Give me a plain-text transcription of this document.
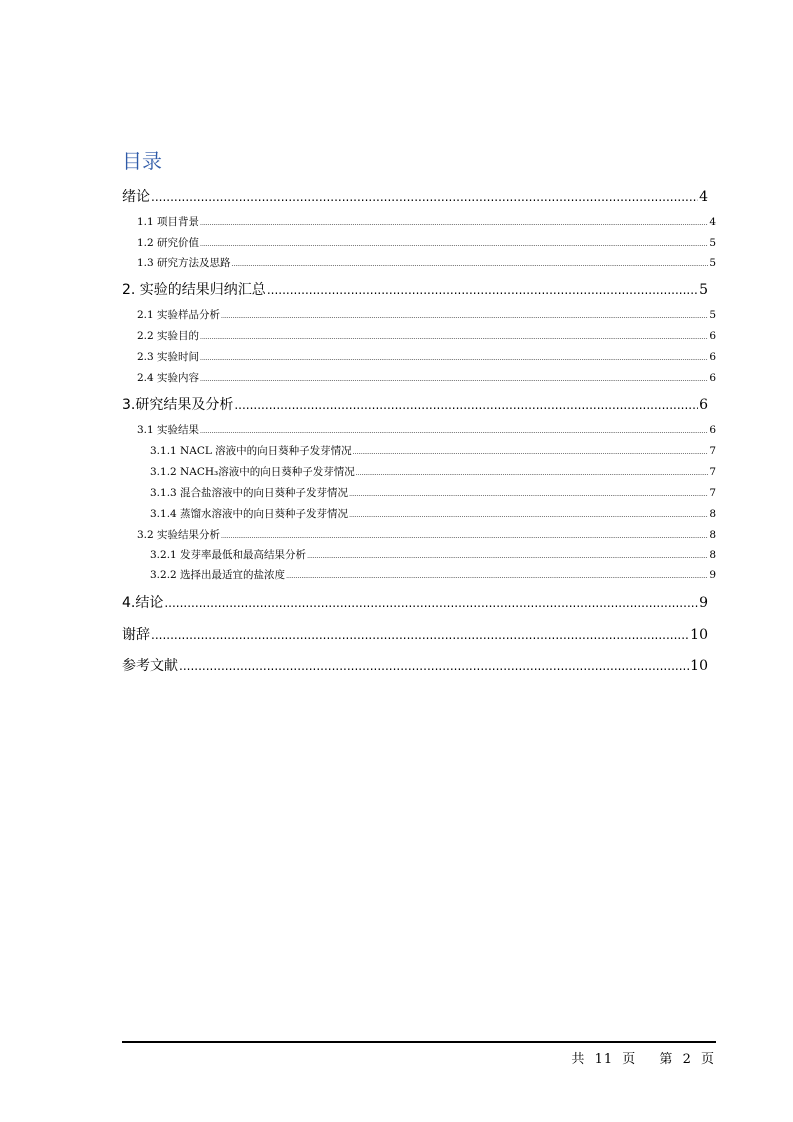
目录
绪论 .....	4
1.1 项目背景 .....	4
1.2 研究价值 .....	5
1.3 研究方法及思路 .....	5
2. 实验的结果归纳汇总 .....	5
2.1 实验样品分析 .....	5
2.2 实验目的 .....	6
2.3 实验时间 .....	6
2.4 实验内容 .....	6
3.研究结果及分析 .....	6
3.1 实验结果 .....	6
3.1.1 NACL 溶液中的向日葵种子发芽情况 .....	7
3.1.2 NACH₃溶液中的向日葵种子发芽情况 .....	7
3.1.3 混合盐溶液中的向日葵种子发芽情况 .....	7
3.1.4 蒸馏水溶液中的向日葵种子发芽情况 .....	8
3.2 实验结果分析 .....	8
3.2.1 发芽率最低和最高结果分析 .....	8
3.2.2 选择出最适宜的盐浓度 .....	9
4.结论 .....	9
谢辞 .....	10
参考文献 .....	10
共 11 页 第 2 页
